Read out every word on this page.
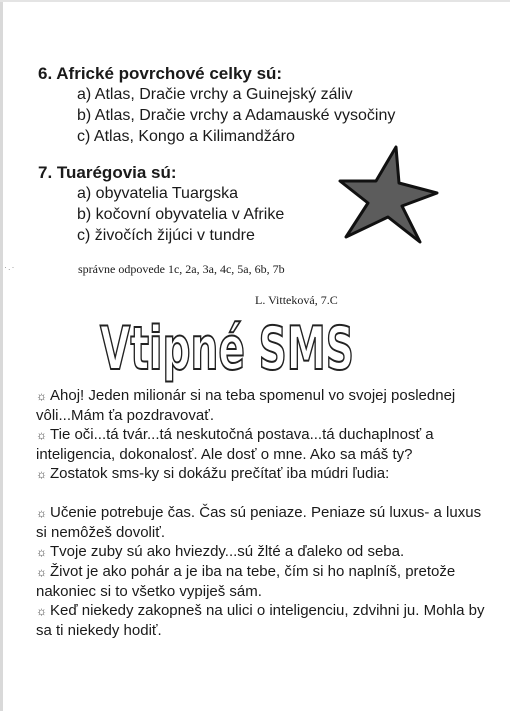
·.·
6. Africké povrchové celky sú:
a) Atlas, Dračie vrchy a Guinejský záliv
b) Atlas, Dračie vrchy a Adamauské vysočiny
c) Atlas, Kongo a Kilimandžáro
7. Tuarégovia sú:
a) obyvatelia Tuargska
b) kočovní obyvatelia v Afrike
c) živočích žijúci v tundre
správne odpovede 1c, 2a, 3a, 4c, 5a, 6b, 7b
L. Vitteková, 7.C
Vtipné SMS

☼ Ahoj! Jeden milionár si na teba spomenul vo svojej poslednej vôli...Mám ťa pozdravovať.

☼ Tie oči...tá tvár...tá neskutočná postava...tá duchaplnosť a inteligencia, dokonalosť. Ale dosť o mne. Ako sa máš ty?

☼ Zostatok sms-ky si dokážu prečítať iba múdri ľudia:

☼ Učenie potrebuje čas. Čas sú peniaze. Peniaze sú luxus- a luxus si nemôžeš dovoliť.

☼ Tvoje zuby sú ako hviezdy...sú žlté a ďaleko od seba.

☼ Život je ako pohár a je iba na tebe, čím si ho naplníš, pretože nakoniec si to všetko vypiješ sám.

☼ Keď niekedy zakopneš na ulici o inteligenciu, zdvihni ju. Mohla by sa ti niekedy hodiť.
